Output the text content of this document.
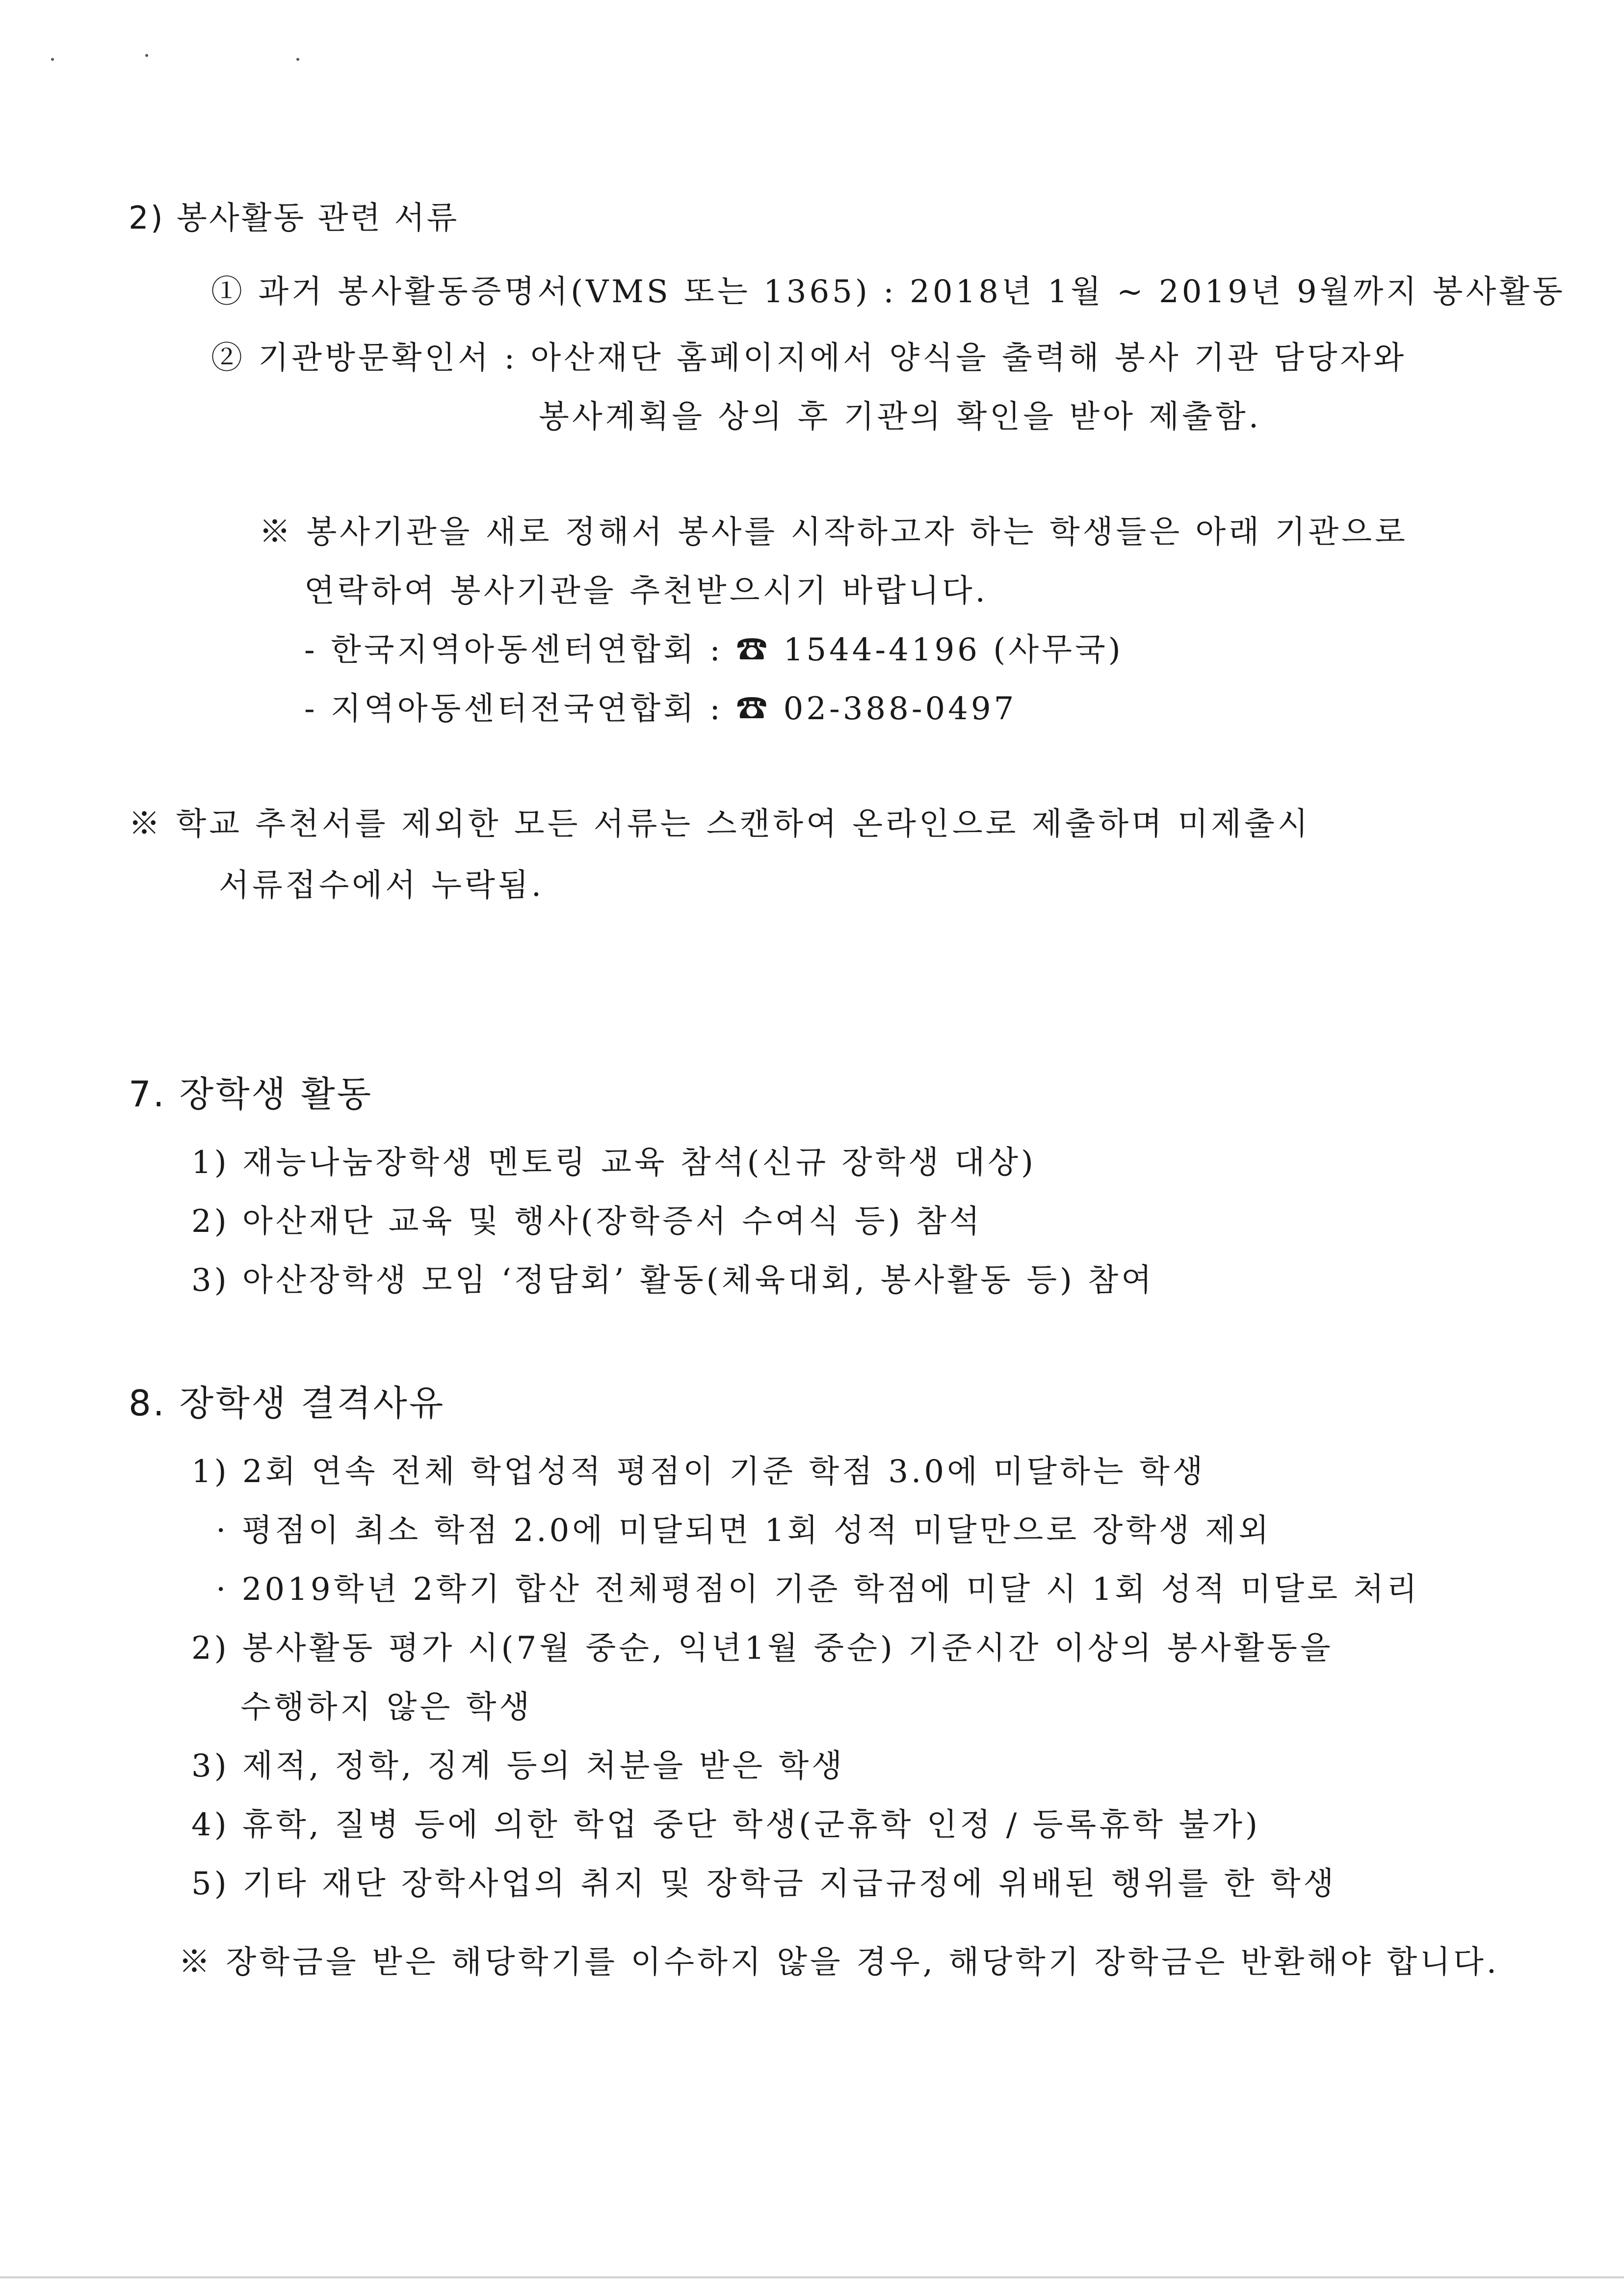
2) 봉사활동 관련 서류
① 과거 봉사활동증명서(VMS 또는 1365) : 2018년 1월 ~ 2019년 9월까지 봉사활동
② 기관방문확인서 : 아산재단 홈페이지에서 양식을 출력해 봉사 기관 담당자와
봉사계획을 상의 후 기관의 확인을 받아 제출함.
※ 봉사기관을 새로 정해서 봉사를 시작하고자 하는 학생들은 아래 기관으로
연락하여 봉사기관을 추천받으시기 바랍니다.
- 한국지역아동센터연합회 : ☎ 1544-4196 (사무국)
- 지역아동센터전국연합회 : ☎ 02-388-0497
※ 학교 추천서를 제외한 모든 서류는 스캔하여 온라인으로 제출하며 미제출시
서류접수에서 누락됨.
7. 장학생 활동
1) 재능나눔장학생 멘토링 교육 참석(신규 장학생 대상)
2) 아산재단 교육 및 행사(장학증서 수여식 등) 참석
3) 아산장학생 모임 ‘정담회’ 활동(체육대회, 봉사활동 등) 참여
8. 장학생 결격사유
1) 2회 연속 전체 학업성적 평점이 기준 학점 3.0에 미달하는 학생
· 평점이 최소 학점 2.0에 미달되면 1회 성적 미달만으로 장학생 제외
· 2019학년 2학기 합산 전체평점이 기준 학점에 미달 시 1회 성적 미달로 처리
2) 봉사활동 평가 시(7월 중순, 익년1월 중순) 기준시간 이상의 봉사활동을
수행하지 않은 학생
3) 제적, 정학, 징계 등의 처분을 받은 학생
4) 휴학, 질병 등에 의한 학업 중단 학생(군휴학 인정 / 등록휴학 불가)
5) 기타 재단 장학사업의 취지 및 장학금 지급규정에 위배된 행위를 한 학생
※ 장학금을 받은 해당학기를 이수하지 않을 경우, 해당학기 장학금은 반환해야 합니다.
